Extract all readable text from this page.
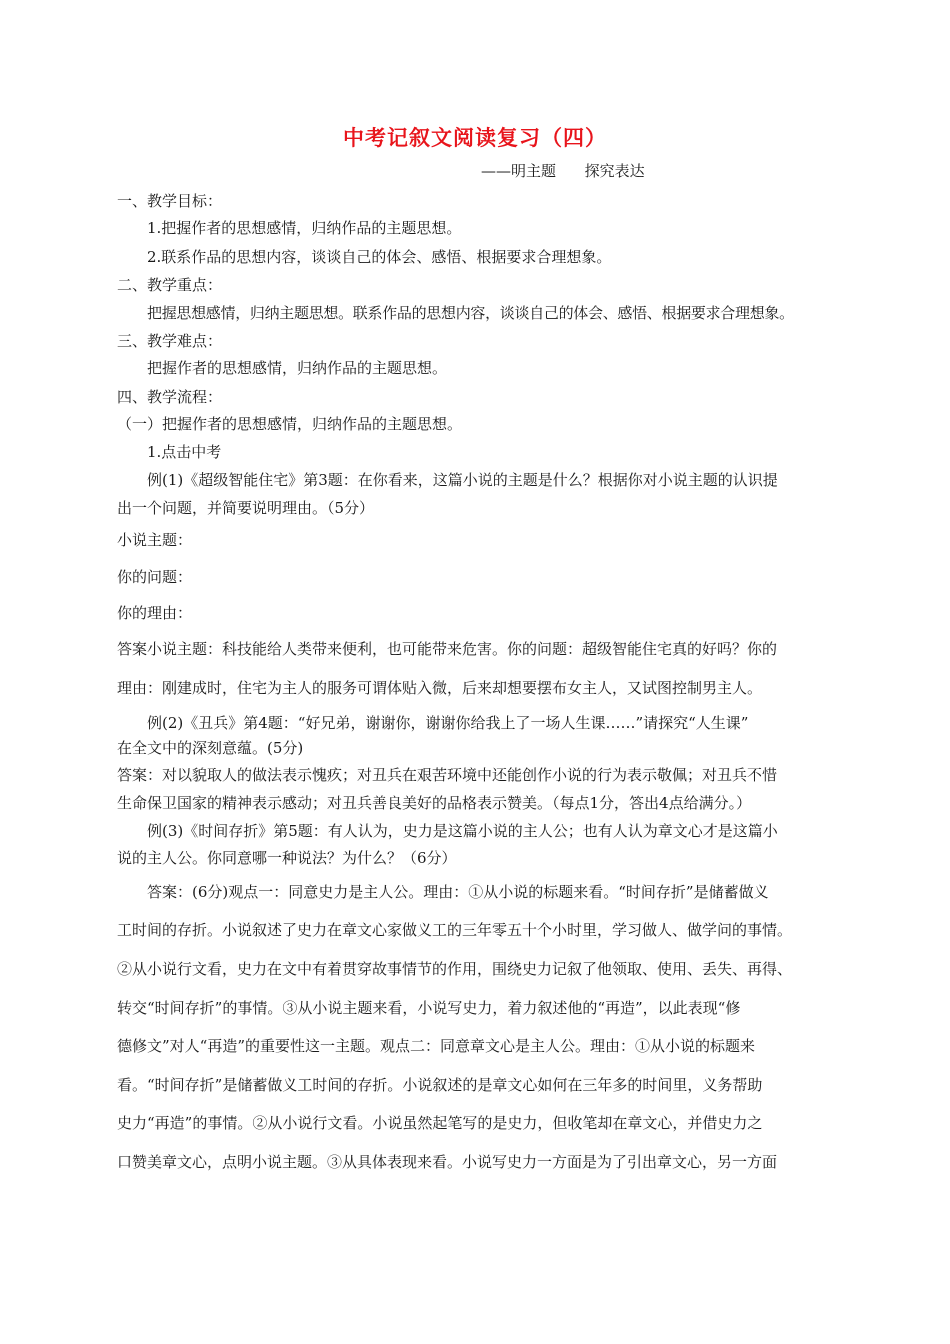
中考记叙文阅读复习（四）
——明主题      探究表达
一、教学目标：
1.把握作者的思想感情，归纳作品的主题思想。
2.联系作品的思想内容，谈谈自己的体会、感悟、根据要求合理想象。
二、教学重点：
把握思想感情，归纳主题思想。联系作品的思想内容，谈谈自己的体会、感悟、根据要求合理想象。
三、教学难点：
把握作者的思想感情，归纳作品的主题思想。
四、教学流程：
（一）把握作者的思想感情，归纳作品的主题思想。
1.点击中考
例(1)《超级智能住宅》第3题：在你看来，这篇小说的主题是什么？根据你对小说主题的认识提
出一个问题，并简要说明理由。（5分）
小说主题：
你的问题：
你的理由：
答案小说主题：科技能给人类带来便利，也可能带来危害。你的问题：超级智能住宅真的好吗？你的
理由：刚建成时，住宅为主人的服务可谓体贴入微，后来却想要摆布女主人，又试图控制男主人。
例(2)《丑兵》第4题：“好兄弟，谢谢你，谢谢你给我上了一场人生课……”请探究“人生课”
在全文中的深刻意蕴。(5分)
答案：对以貌取人的做法表示愧疚；对丑兵在艰苦环境中还能创作小说的行为表示敬佩；对丑兵不惜
生命保卫国家的精神表示感动；对丑兵善良美好的品格表示赞美。（每点1分，答出4点给满分。）
例(3)《时间存折》第5题：有人认为，史力是这篇小说的主人公；也有人认为章文心才是这篇小
说的主人公。你同意哪一种说法？为什么？（6分）
答案：(6分)观点一：同意史力是主人公。理由：①从小说的标题来看。“时间存折”是储蓄做义
工时间的存折。小说叙述了史力在章文心家做义工的三年零五十个小时里，学习做人、做学问的事情。
②从小说行文看，史力在文中有着贯穿故事情节的作用，围绕史力记叙了他领取、使用、丢失、再得、
转交“时间存折”的事情。③从小说主题来看，小说写史力，着力叙述他的“再造”，以此表现“修
德修文”对人“再造”的重要性这一主题。观点二：同意章文心是主人公。理由：①从小说的标题来
看。“时间存折”是储蓄做义工时间的存折。小说叙述的是章文心如何在三年多的时间里，义务帮助
史力“再造”的事情。②从小说行文看。小说虽然起笔写的是史力，但收笔却在章文心，并借史力之
口赞美章文心，点明小说主题。③从具体表现来看。小说写史力一方面是为了引出章文心，另一方面
